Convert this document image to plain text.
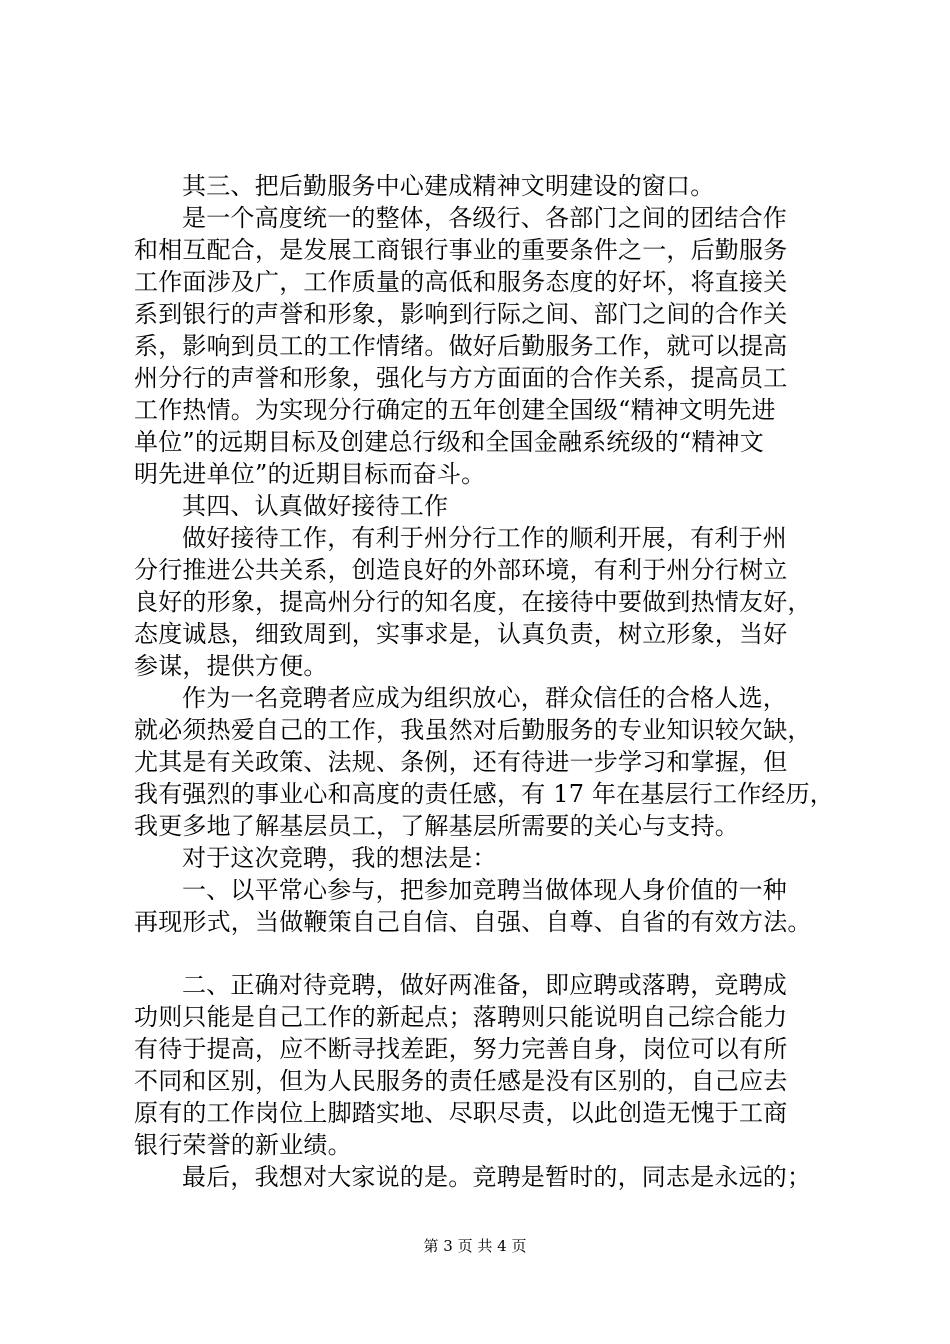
其三、把后勤服务中心建成精神文明建设的窗口。
是一个高度统一的整体，各级行、各部门之间的团结合作
和相互配合，是发展工商银行事业的重要条件之一，后勤服务
工作面涉及广，工作质量的高低和服务态度的好坏，将直接关
系到银行的声誉和形象，影响到行际之间、部门之间的合作关
系，影响到员工的工作情绪。做好后勤服务工作，就可以提高
州分行的声誉和形象，强化与方方面面的合作关系，提高员工
工作热情。为实现分行确定的五年创建全国级“精神文明先进
单位”的远期目标及创建总行级和全国金融系统级的“精神文
明先进单位”的近期目标而奋斗。
其四、认真做好接待工作
做好接待工作，有利于州分行工作的顺利开展，有利于州
分行推进公共关系，创造良好的外部环境，有利于州分行树立
良好的形象，提高州分行的知名度，在接待中要做到热情友好，
态度诚恳，细致周到，实事求是，认真负责，树立形象，当好
参谋，提供方便。
作为一名竞聘者应成为组织放心，群众信任的合格人选，
就必须热爱自己的工作，我虽然对后勤服务的专业知识较欠缺，
尤其是有关政策、法规、条例，还有待进一步学习和掌握，但
我有强烈的事业心和高度的责任感，有 17 年在基层行工作经历，
我更多地了解基层员工，了解基层所需要的关心与支持。
对于这次竞聘，我的想法是：
一、以平常心参与，把参加竞聘当做体现人身价值的一种
再现形式，当做鞭策自己自信、自强、自尊、自省的有效方法。
二、正确对待竞聘，做好两准备，即应聘或落聘，竞聘成
功则只能是自己工作的新起点；落聘则只能说明自己综合能力
有待于提高，应不断寻找差距，努力完善自身，岗位可以有所
不同和区别，但为人民服务的责任感是没有区别的，自己应去
原有的工作岗位上脚踏实地、尽职尽责，以此创造无愧于工商
银行荣誉的新业绩。
最后，我想对大家说的是。竞聘是暂时的，同志是永远的；
第 3 页 共 4 页
